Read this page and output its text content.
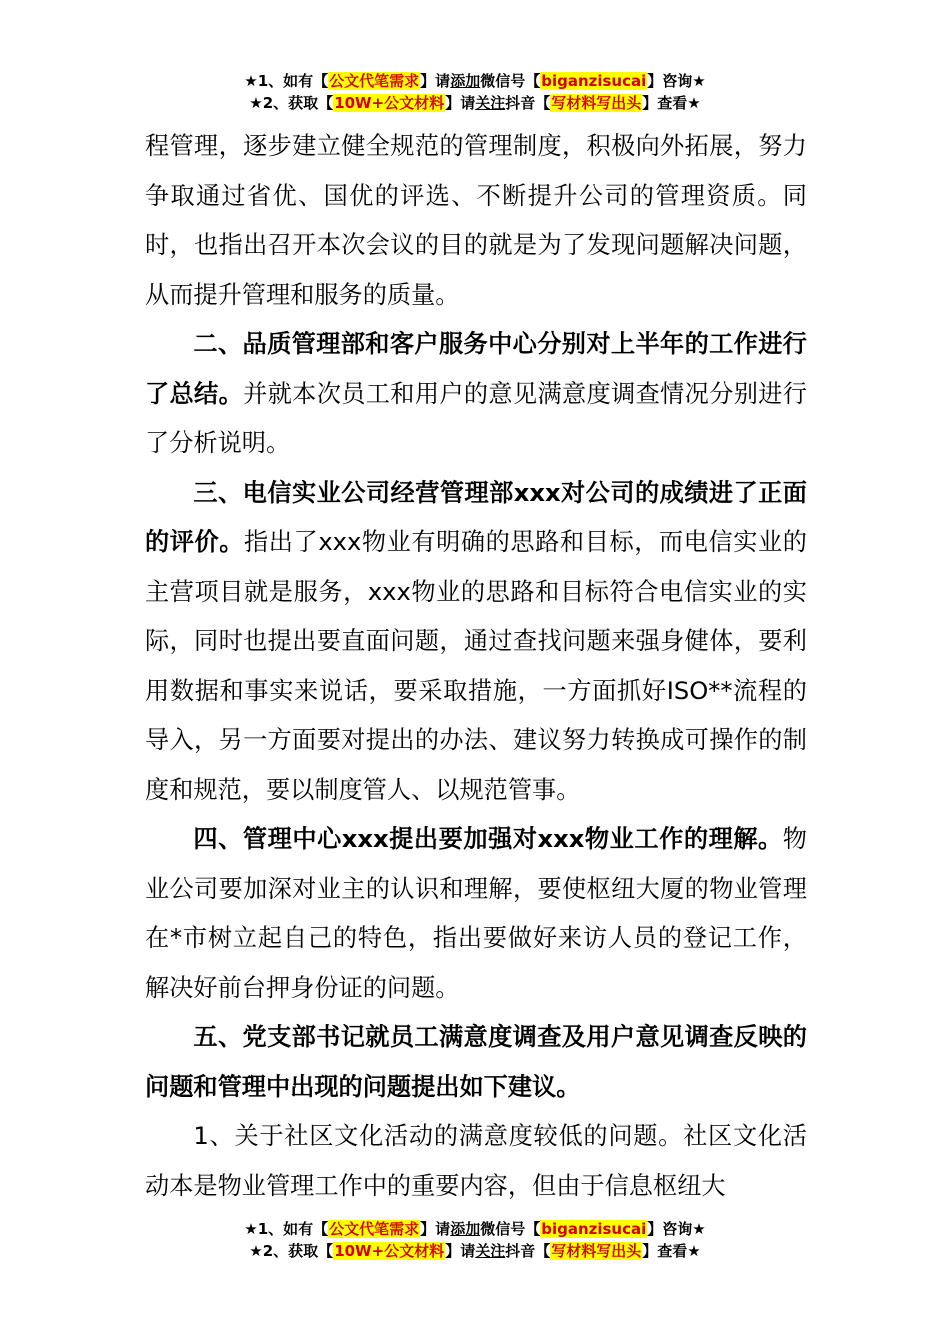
★1、如有【公文代笔需求】请添加微信号【biganzisucai】咨询★
★2、获取【10W+公文材料】请关注抖音【写材料写出头】查看★

程管理，逐步建立健全规范的管理制度，积极向外拓展，努力争取通过省优、国优的评选、不断提升公司的管理资质。同时，也指出召开本次会议的目的就是为了发现问题解决问题，从而提升管理和服务的质量。

二、品质管理部和客户服务中心分别对上半年的工作进行了总结。并就本次员工和用户的意见满意度调查情况分别进行了分析说明。

三、电信实业公司经营管理部xxx对公司的成绩进了正面的评价。指出了xxx物业有明确的思路和目标，而电信实业的主营项目就是服务，xxx物业的思路和目标符合电信实业的实际，同时也提出要直面问题，通过查找问题来强身健体，要利用数据和事实来说话，要采取措施，一方面抓好ISO**流程的导入，另一方面要对提出的办法、建议努力转换成可操作的制度和规范，要以制度管人、以规范管事。

四、管理中心xxx提出要加强对xxx物业工作的理解。物业公司要加深对业主的认识和理解，要使枢纽大厦的物业管理在*市树立起自己的特色，指出要做好来访人员的登记工作，解决好前台押身份证的问题。

五、党支部书记就员工满意度调查及用户意见调查反映的问题和管理中出现的问题提出如下建议。

1、关于社区文化活动的满意度较低的问题。社区文化活动本是物业管理工作中的重要内容，但由于信息枢纽大

★1、如有【公文代笔需求】请添加微信号【biganzisucai】咨询★
★2、获取【10W+公文材料】请关注抖音【写材料写出头】查看★
